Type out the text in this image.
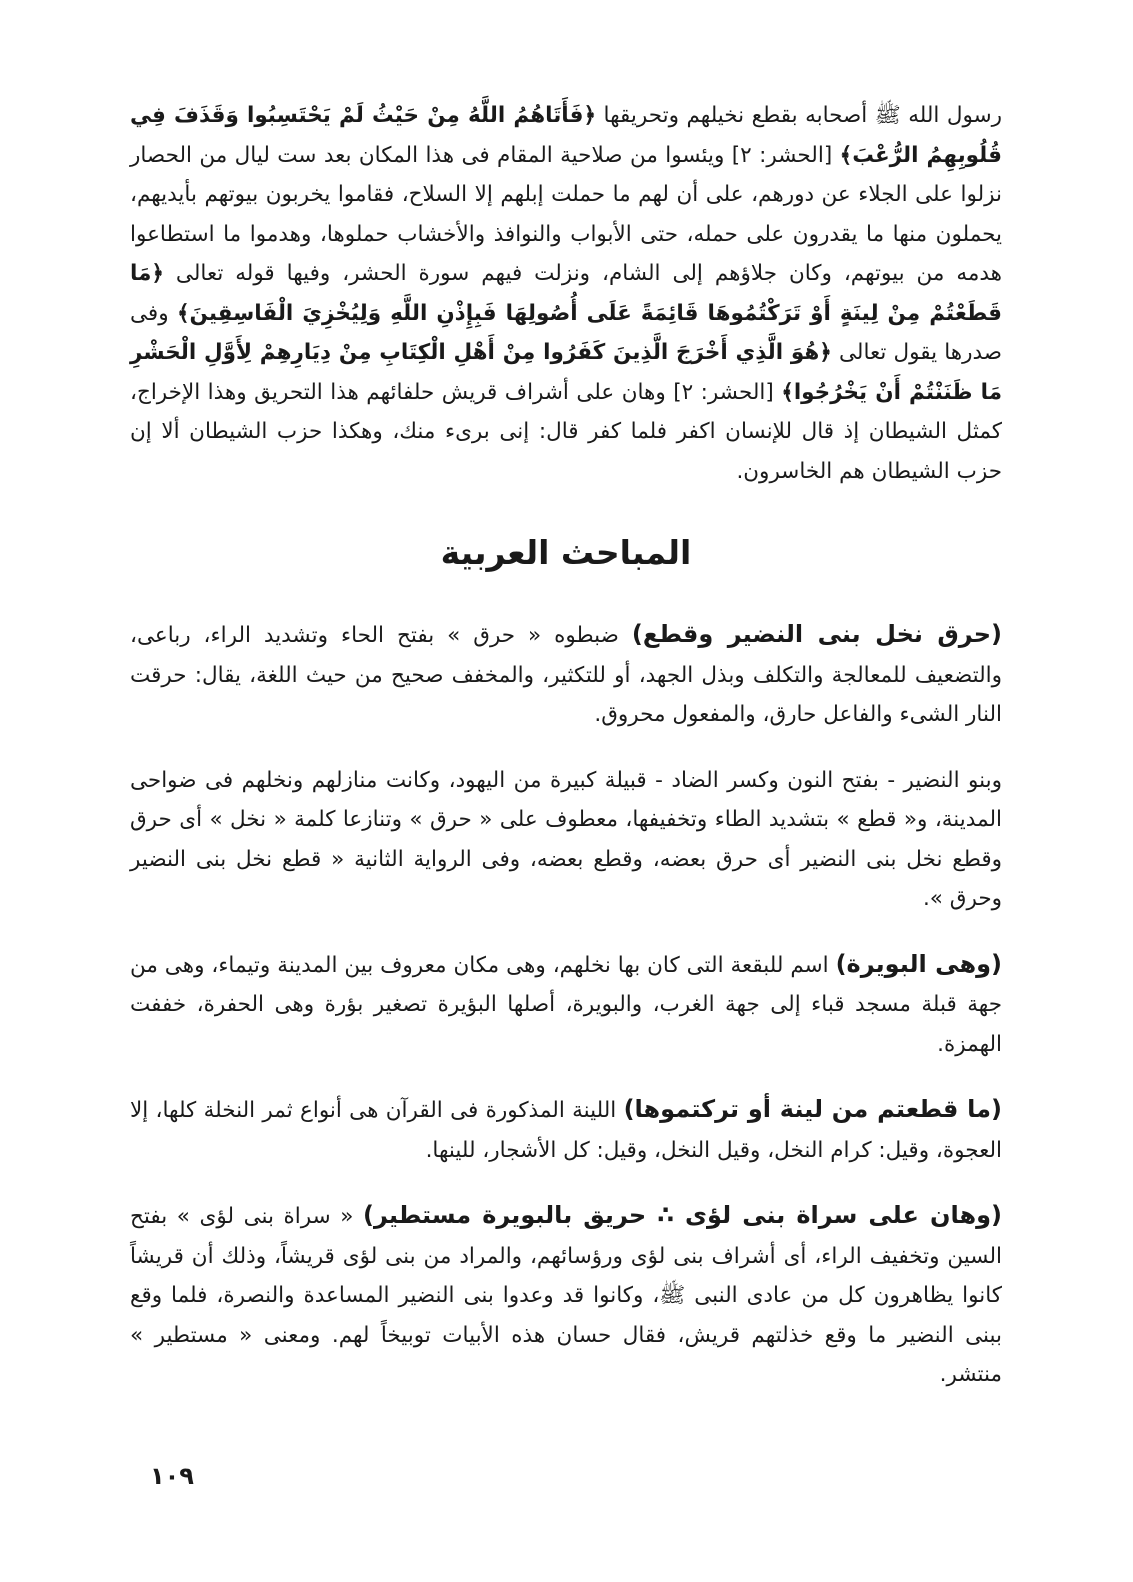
رسول الله ﷺ أصحابه بقطع نخيلهم وتحريقها ﴿فَأَتَاهُمُ اللَّهُ مِنْ حَيْثُ لَمْ يَحْتَسِبُوا وَقَذَفَ فِي قُلُوبِهِمُ الرُّعْبَ﴾ [الحشر: ٢] ويئسوا من صلاحية المقام فى هذا المكان بعد ست ليال من الحصار نزلوا على الجلاء عن دورهم، على أن لهم ما حملت إبلهم إلا السلاح، فقاموا يخربون بيوتهم بأيديهم، يحملون منها ما يقدرون على حمله، حتى الأبواب والنوافذ والأخشاب حملوها، وهدموا ما استطاعوا هدمه من بيوتهم، وكان جلاؤهم إلى الشام، ونزلت فيهم سورة الحشر، وفيها قوله تعالى ﴿مَا قَطَعْتُمْ مِنْ لِينَةٍ أَوْ تَرَكْتُمُوهَا قَائِمَةً عَلَى أُصُولِهَا فَبِإِذْنِ اللَّهِ وَلِيُخْزِيَ الْفَاسِقِينَ﴾ وفى صدرها يقول تعالى ﴿هُوَ الَّذِي أَخْرَجَ الَّذِينَ كَفَرُوا مِنْ أَهْلِ الْكِتَابِ مِنْ دِيَارِهِمْ لِأَوَّلِ الْحَشْرِ مَا ظَنَنْتُمْ أَنْ يَخْرُجُوا﴾ [الحشر: ٢] وهان على أشراف قريش حلفائهم هذا التحريق وهذا الإخراج، كمثل الشيطان إذ قال للإنسان اكفر فلما كفر قال: إنى برىء منك، وهكذا حزب الشيطان ألا إن حزب الشيطان هم الخاسرون.

المباحث العربية

(حرق نخل بنى النضير وقطع) ضبطوه « حرق » بفتح الحاء وتشديد الراء، رباعى، والتضعيف للمعالجة والتكلف وبذل الجهد، أو للتكثير، والمخفف صحيح من حيث اللغة، يقال: حرقت النار الشىء والفاعل حارق، والمفعول محروق.

وبنو النضير - بفتح النون وكسر الضاد - قبيلة كبيرة من اليهود، وكانت منازلهم ونخلهم فى ضواحى المدينة، و« قطع » بتشديد الطاء وتخفيفها، معطوف على « حرق » وتنازعا كلمة « نخل » أى حرق وقطع نخل بنى النضير أى حرق بعضه، وقطع بعضه، وفى الرواية الثانية « قطع نخل بنى النضير وحرق ».

(وهى البويرة) اسم للبقعة التى كان بها نخلهم، وهى مكان معروف بين المدينة وتيماء، وهى من جهة قبلة مسجد قباء إلى جهة الغرب، والبويرة، أصلها البؤيرة تصغير بؤرة وهى الحفرة، خففت الهمزة.

(ما قطعتم من لينة أو تركتموها) اللينة المذكورة فى القرآن هى أنواع ثمر النخلة كلها، إلا العجوة، وقيل: كرام النخل، وقيل النخل، وقيل: كل الأشجار، للينها.

(وهان على سراة بنى لؤى ∴ حريق بالبويرة مستطير) « سراة بنى لؤى » بفتح السين وتخفيف الراء، أى أشراف بنى لؤى ورؤسائهم، والمراد من بنى لؤى قريشاً، وذلك أن قريشاً كانوا يظاهرون كل من عادى النبى ﷺ، وكانوا قد وعدوا بنى النضير المساعدة والنصرة، فلما وقع ببنى النضير ما وقع خذلتهم قريش، فقال حسان هذه الأبيات توبيخاً لهم. ومعنى « مستطير » منتشر.

١٠٩
